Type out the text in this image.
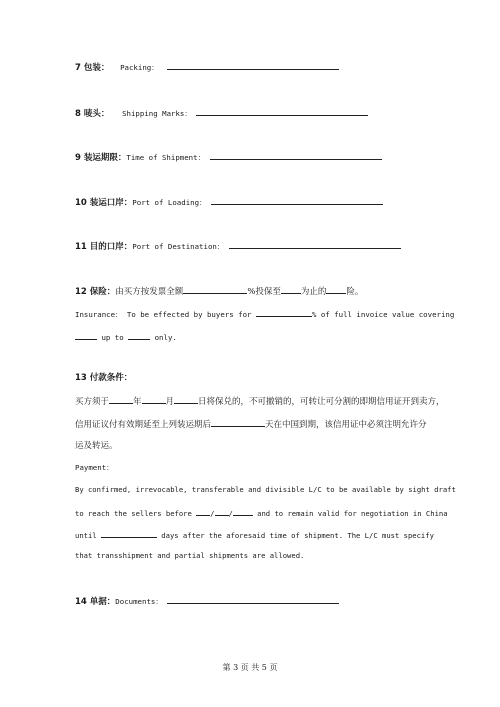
7 包装： Packing：
8 唛头： Shipping Marks：
9 装运期限：Time of Shipment：
10 装运口岸：Port of Loading：
11 目的口岸：Port of Destination：
12 保险：由买方按发票全额	%投保至 为止的 险。
Insurance： To be effected by buyers for	% of full invoice value covering
up to	only.
13 付款条件：
买方须于	年	月	日将保兑的，不可撤销的，可转让可分割的即期信用证开到卖方，
信用证议付有效期延至上列装运期后	天在中国到期，该信用证中必须注明允许分
运及转运。
Payment：
By confirmed, irrevocable, transferable and divisible L/C to be available by sight draft
to reach the sellers before	/ /	and to remain valid for negotiation in China
until	days after the aforesaid time of shipment. The L/C must specify
that transshipment and partial shipments are allowed.
14 单据：Documents：
第 3 页 共 5 页
